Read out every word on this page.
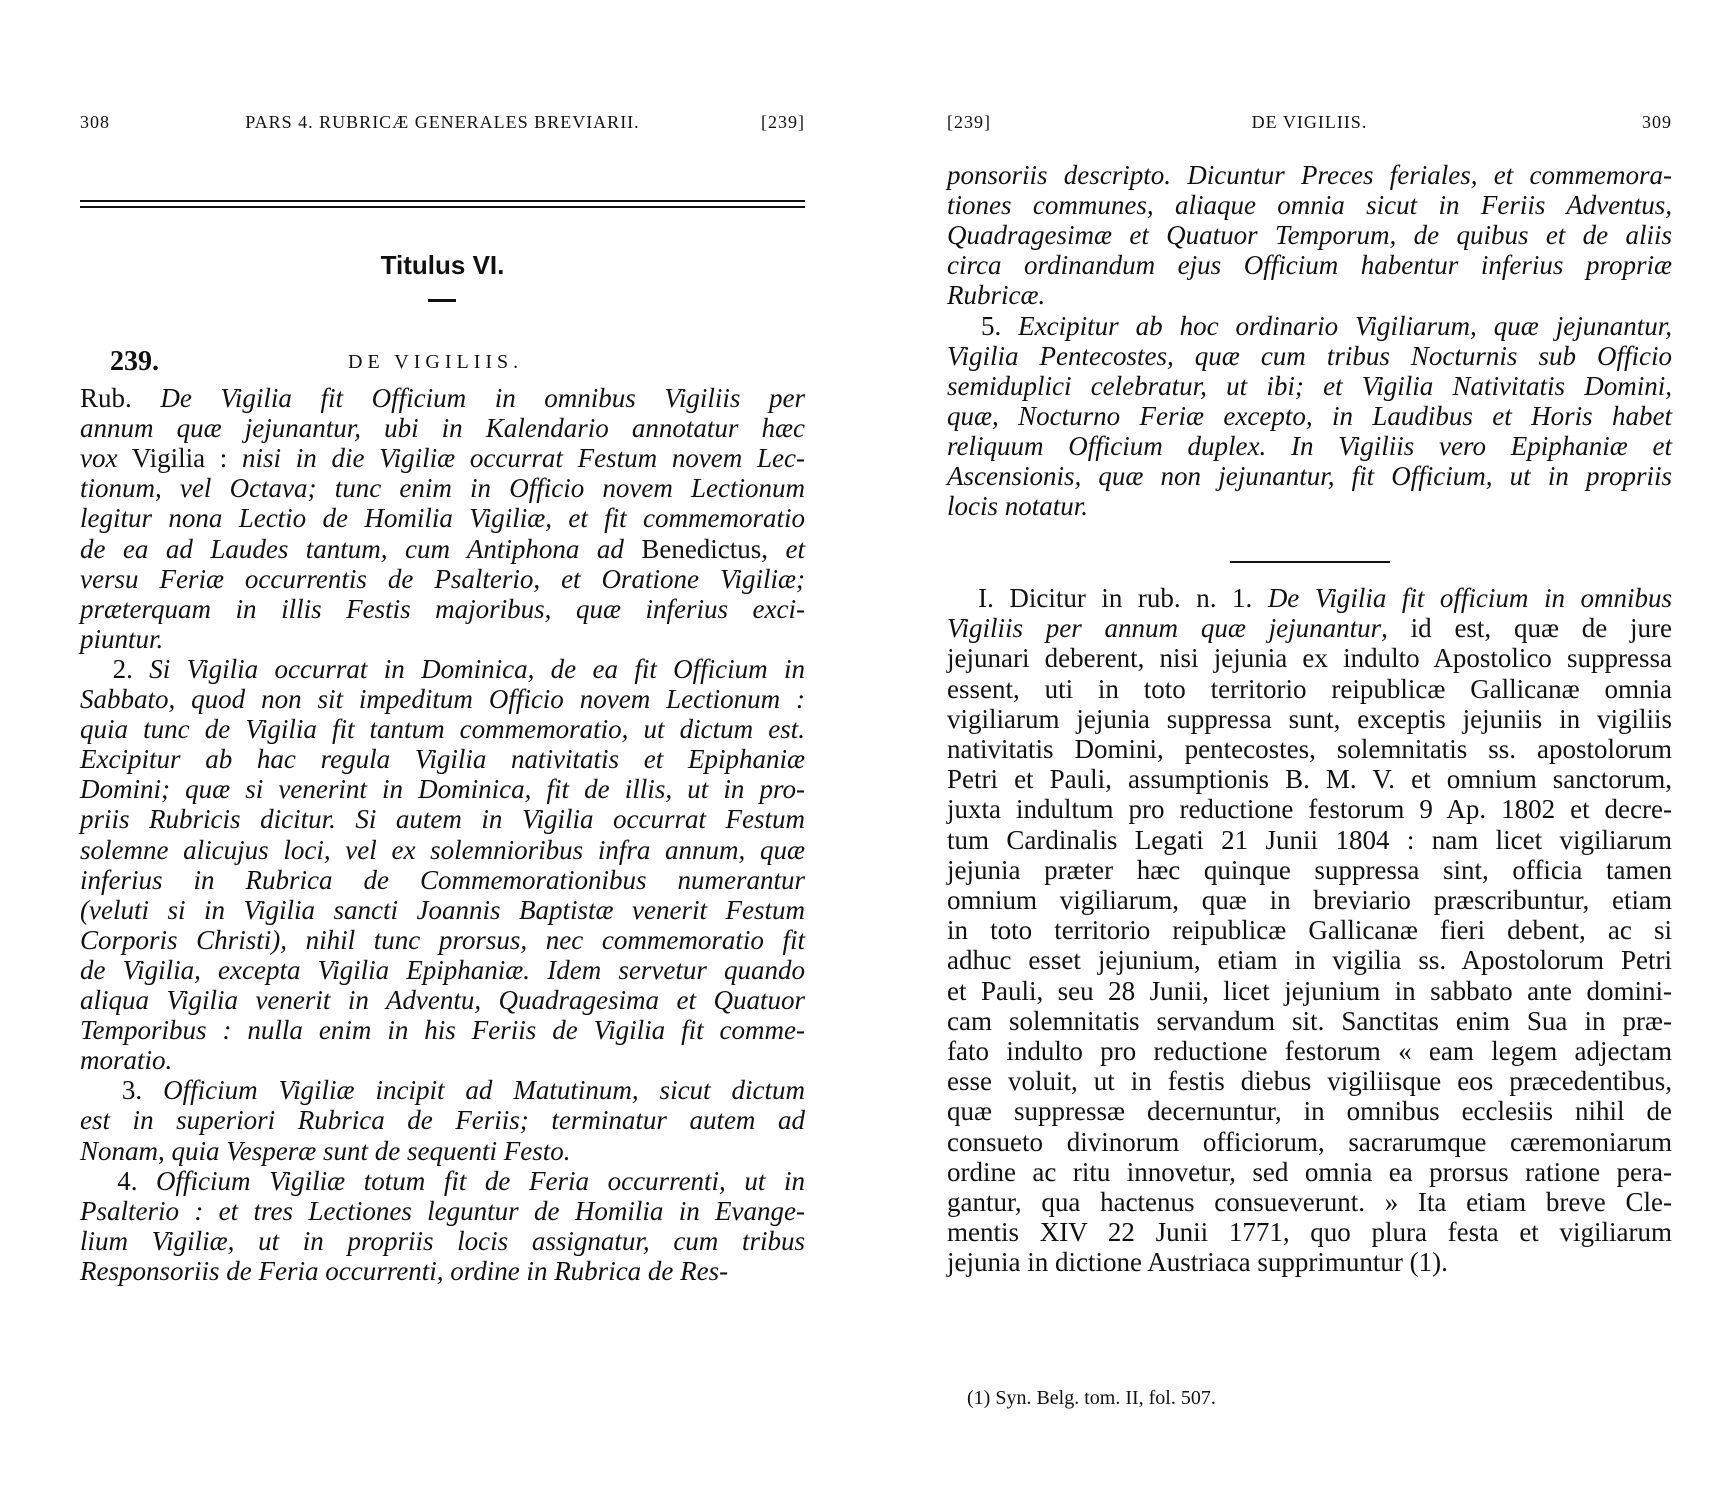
308	PARS 4. RUBRICÆ GENERALES BREVIARII.	[239]
Titulus VI.
239.	DE VIGILIIS.
Rub. De Vigilia fit Officium in omnibus Vigiliis per
annum quæ jejunantur, ubi in Kalendario annotatur hæc
vox Vigilia : nisi in die Vigiliæ occurrat Festum novem Lec-
tionum, vel Octava; tunc enim in Officio novem Lectionum
legitur nona Lectio de Homilia Vigiliæ, et fit commemoratio
de ea ad Laudes tantum, cum Antiphona ad Benedictus, et
versu Feriæ occurrentis de Psalterio, et Oratione Vigiliæ;
præterquam in illis Festis majoribus, quæ inferius exci-
piuntur.
2. Si Vigilia occurrat in Dominica, de ea fit Officium in
Sabbato, quod non sit impeditum Officio novem Lectionum :
quia tunc de Vigilia fit tantum commemoratio, ut dictum est.
Excipitur ab hac regula Vigilia nativitatis et Epiphaniæ
Domini; quæ si venerint in Dominica, fit de illis, ut in pro-
priis Rubricis dicitur. Si autem in Vigilia occurrat Festum
solemne alicujus loci, vel ex solemnioribus infra annum, quæ
inferius in Rubrica de Commemorationibus numerantur
(veluti si in Vigilia sancti Joannis Baptistæ venerit Festum
Corporis Christi), nihil tunc prorsus, nec commemoratio fit
de Vigilia, excepta Vigilia Epiphaniæ. Idem servetur quando
aliqua Vigilia venerit in Adventu, Quadragesima et Quatuor
Temporibus : nulla enim in his Feriis de Vigilia fit comme-
moratio.
3. Officium Vigiliæ incipit ad Matutinum, sicut dictum
est in superiori Rubrica de Feriis; terminatur autem ad
Nonam, quia Vesperæ sunt de sequenti Festo.
4. Officium Vigiliæ totum fit de Feria occurrenti, ut in
Psalterio : et tres Lectiones leguntur de Homilia in Evange-
lium Vigiliæ, ut in propriis locis assignatur, cum tribus
Responsoriis de Feria occurrenti, ordine in Rubrica de Res-
[239]	DE VIGILIIS.	309
ponsoriis descripto. Dicuntur Preces feriales, et commemora-
tiones communes, aliaque omnia sicut in Feriis Adventus,
Quadragesimæ et Quatuor Temporum, de quibus et de aliis
circa ordinandum ejus Officium habentur inferius propriæ
Rubricæ.
5. Excipitur ab hoc ordinario Vigiliarum, quæ jejunantur,
Vigilia Pentecostes, quæ cum tribus Nocturnis sub Officio
semiduplici celebratur, ut ibi; et Vigilia Nativitatis Domini,
quæ, Nocturno Feriæ excepto, in Laudibus et Horis habet
reliquum Officium duplex. In Vigiliis vero Epiphaniæ et
Ascensionis, quæ non jejunantur, fit Officium, ut in propriis
locis notatur.
I. Dicitur in rub. n. 1. De Vigilia fit officium in omnibus
Vigiliis per annum quæ jejunantur, id est, quæ de jure
jejunari deberent, nisi jejunia ex indulto Apostolico suppressa
essent, uti in toto territorio reipublicæ Gallicanæ omnia
vigiliarum jejunia suppressa sunt, exceptis jejuniis in vigiliis
nativitatis Domini, pentecostes, solemnitatis ss. apostolorum
Petri et Pauli, assumptionis B. M. V. et omnium sanctorum,
juxta indultum pro reductione festorum 9 Ap. 1802 et decre-
tum Cardinalis Legati 21 Junii 1804 : nam licet vigiliarum
jejunia præter hæc quinque suppressa sint, officia tamen
omnium vigiliarum, quæ in breviario præscribuntur, etiam
in toto territorio reipublicæ Gallicanæ fieri debent, ac si
adhuc esset jejunium, etiam in vigilia ss. Apostolorum Petri
et Pauli, seu 28 Junii, licet jejunium in sabbato ante domini-
cam solemnitatis servandum sit. Sanctitas enim Sua in præ-
fato indulto pro reductione festorum « eam legem adjectam
esse voluit, ut in festis diebus vigiliisque eos præcedentibus,
quæ suppressæ decernuntur, in omnibus ecclesiis nihil de
consueto divinorum officiorum, sacrarumque cæremoniarum
ordine ac ritu innovetur, sed omnia ea prorsus ratione pera-
gantur, qua hactenus consueverunt. » Ita etiam breve Cle-
mentis XIV 22 Junii 1771, quo plura festa et vigiliarum
jejunia in dictione Austriaca supprimuntur (1).
(1) Syn. Belg. tom. II, fol. 507.
